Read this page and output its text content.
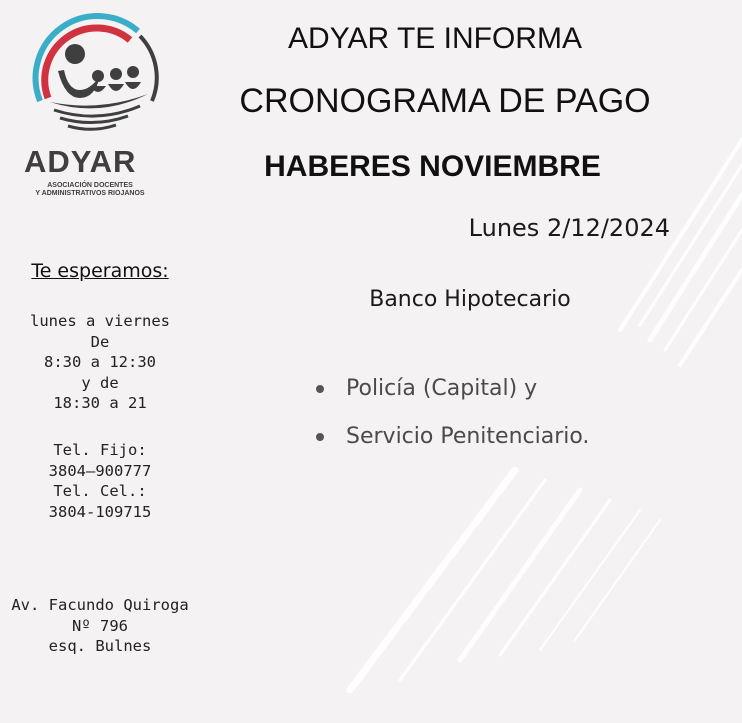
ADYAR
ASOCIACIÓN DOCENTES
Y ADMINISTRATIVOS RIOJANOS
ADYAR TE INFORMA
CRONOGRAMA DE PAGO
HABERES NOVIEMBRE
Lunes 2/12/2024
Banco Hipotecario
Policía (Capital) y
Servicio Penitenciario.
Te esperamos:
lunes a viernes
De
8:30 a 12:30
y de
18:30 a 21
Tel. Fijo:
3804–900777
Tel. Cel.:
3804-109715
Av. Facundo Quiroga
Nº 796
esq. Bulnes
